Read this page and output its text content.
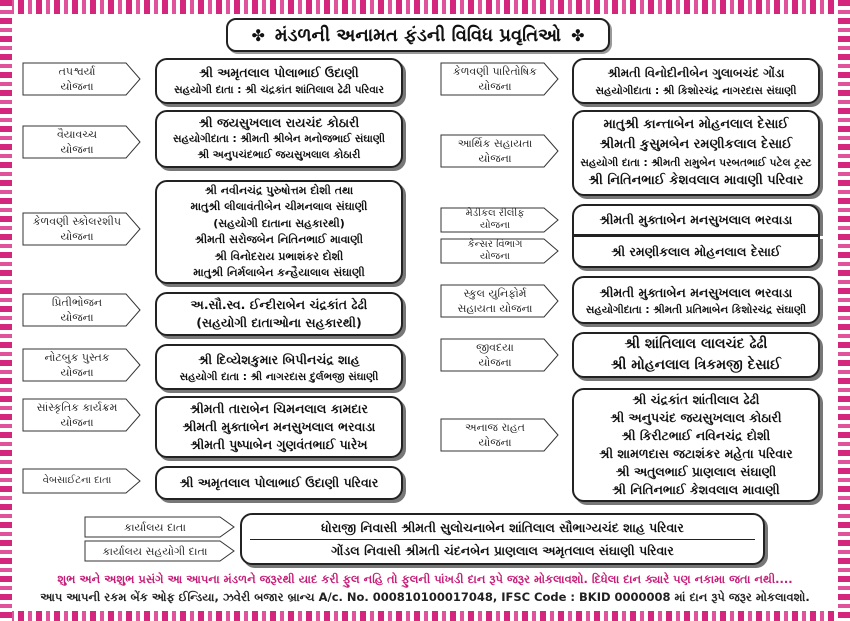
✤ મંડળની અનામત ફંડની વિવિધ પ્રવૃતિઓ ✤
તપશ્વર્યા
યોજના
શ્રી અમૃતલાલ પોલાભાઈ ઉદાણી
સહયોગી દાતા : શ્રી ચંદ્રકાંત શાંતિલાલ ઢેઢી પરિવાર
વૈયાવચ્ચ
યોજના
શ્રી જયસુખલાલ રાયચંદ કોઠારી
સહયોગીદાતા : શ્રીમતી શ્રીબેન મનોજભાઈ સંઘાણી
શ્રી અનુપચંદભાઈ જયસુખલાલ કોઠારી
કેળવણી સ્કોલરશીપ
યોજના
શ્રી નવીનચંદ્ર પુરુષોત્તમ દોશી તથા
માતુશ્રી લીલાવંતીબેન ચીમનલાલ સંઘાણી
(સહયોગી દાતાના સહકારથી)
શ્રીમતી સરોજબેન નિતિનભાઈ માવાણી
શ્રી વિનોદરાય પ્રભાશંકર દોશી
માતુશ્રી નિર્મલાબેન કન્હૈયાલાલ સંઘાણી
પ્રિતીભોજન
યોજના
અ.સૌ.સ્વ. ઈન્દીરાબેન ચંદ્રકાંત ઢેઢી
(સહયોગી દાતાઓના સહકારથી)
નોટબુક પુસ્તક
યોજના
શ્રી દિવ્યેશકુમાર બિપીનચંદ્ર શાહ
સહયોગી દાતા : શ્રી નાગરદાસ દુર્લભજી સંઘાણી
સાંસ્કૃતિક કાર્યક્રમ
યોજના
શ્રીમતી તારાબેન ચિમનલાલ કામદાર
શ્રીમતી મુક્તાબેન મનસુખલાલ ભરવાડા
શ્રીમતી પુષ્પાબેન ગુણવંતભાઈ પારેખ
વેબસાઈટના દાતા	શ્રી અમૃતલાલ પોલાભાઈ ઉદાણી પરિવાર
કેળવણી પારિતોષિક
યોજના
શ્રીમતી વિનોદીનીબેન ગુલાબચંદ ગોંડા
સહયોગીદાતા : શ્રી કિશોરચંદ્ર નાગરદાસ સંઘાણી
આર્થિક સહાયતા
યોજના
માતુશ્રી કાન્તાબેન મોહનલાલ દેસાઈ
શ્રીમતી કુસુમબેન રમણીકલાલ દેસાઈ
સહયોગી દાતા : શ્રીમતી રામુબેન પરબતભાઈ પટેલ ટ્રસ્ટ
શ્રી નિતિનભાઈ કેશવલાલ માવાણી પરિવાર
મેડીકલ રીલીફ
યોજના	શ્રીમતી મુક્તાબેન મનસુખલાલ ભરવાડા
કેન્સર વિભાગ
યોજના	શ્રી રમણીકલાલ મોહનલાલ દેસાઈ
સ્કુલ યુનિફોર્મ
સહાયતા યોજના
શ્રીમતી મુક્તાબેન મનસુખલાલ ભરવાડા
સહયોગીદાતા : શ્રીમતી પ્રતિમાબેન કિશોરચંદ્ર સંઘાણી
જીવદયા
યોજના
શ્રી શાંતિલાલ લાલચંદ ઢેઢી
શ્રી મોહનલાલ ત્રિકમજી દેસાઈ
અનાજ રાહત
યોજના
શ્રી ચંદ્રકાંત શાંતીલાલ ઢેઢી
શ્રી અનુપચંદ જયસુખલાલ કોઠારી
શ્રી કિરીટભાઈ નવિનચંદ્ર દોશી
શ્રી શામળદાસ જટાશંકર મહેતા પરિવાર
શ્રી અતુલભાઈ પ્રાણલાલ સંઘાણી
શ્રી નિતિનભાઈ કેશવલાલ માવાણી
કાર્યાલય દાતા
કાર્યાલય સહયોગી દાતા
ધોરાજી નિવાસી શ્રીમતી સુલોચનાબેન શાંતિલાલ સૌભાગ્યચંદ શાહ પરિવાર
ગોંડલ નિવાસી શ્રીમતી ચંદનબેન પ્રાણલાલ અમૃતલાલ સંઘાણી પરિવાર
શુભ અને અશુભ પ્રસંગે આ આપના મંડળને જરૂરથી યાદ કરી ફુલ નહિ તો ફુલની પાંખડી દાન રૂપે જરૂર મોકલાવશો. દિધેલા દાન ક્યારે પણ નકામા જતા નથી....
આપ આપની રકમ બેંક ઓફ ઈન્ડિયા, ઝવેરી બજાર બ્રાન્ચ A/c. No. 000810100017048, IFSC Code : BKID 0000008 માં દાન રૂપે જરૂર મોકલાવશો.
